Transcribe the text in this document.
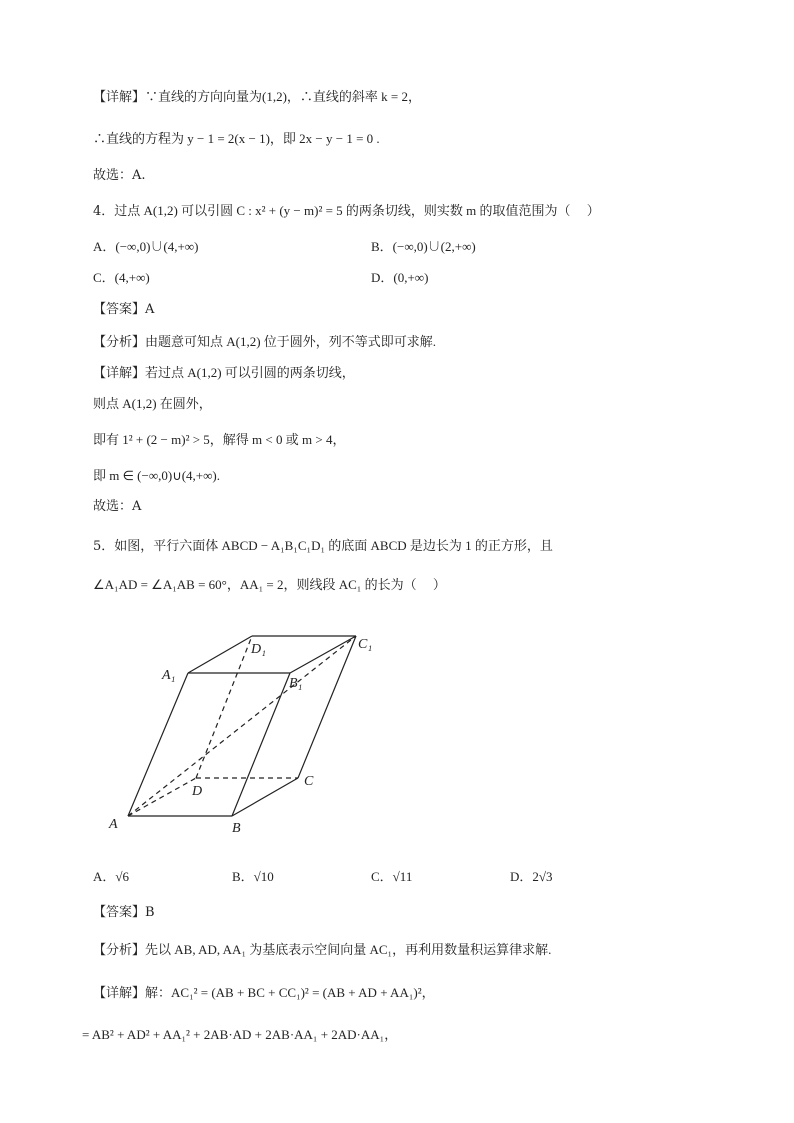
【详解】∵直线的方向向量为(1,2)，∴直线的斜率 k = 2，
∴直线的方程为 y − 1 = 2(x − 1)，即 2x − y − 1 = 0 .
故选：A.
4．过点 A(1,2) 可以引圆 C : x² + (y − m)² = 5 的两条切线，则实数 m 的取值范围为（　 ）
A．(−∞,0)∪(4,+∞)	B．(−∞,0)∪(2,+∞)
C．(4,+∞)	D．(0,+∞)
【答案】A
【分析】由题意可知点 A(1,2) 位于圆外，列不等式即可求解.
【详解】若过点 A(1,2) 可以引圆的两条切线，
则点 A(1,2) 在圆外，
即有 1² + (2 − m)² > 5，解得 m < 0 或 m > 4，
即 m ∈ (−∞,0)∪(4,+∞).
故选：A
5．如图，平行六面体 ABCD − A₁B₁C₁D₁ 的底面 ABCD 是边长为 1 的正方形，且
∠A₁AD = ∠A₁AB = 60°，AA₁ = 2，则线段 AC₁ 的长为（　 ）
A	B
C
D
A₁
B₁
C₁
D₁
A．√6	B．√10	C．√11	D．2√3
【答案】B
【分析】先以 AB, AD, AA₁ 为基底表示空间向量 AC₁，再利用数量积运算律求解.
【详解】解：AC₁² = (AB + BC + CC₁)² = (AB + AD + AA₁)²，
= AB² + AD² + AA₁² + 2AB·AD + 2AB·AA₁ + 2AD·AA₁，
